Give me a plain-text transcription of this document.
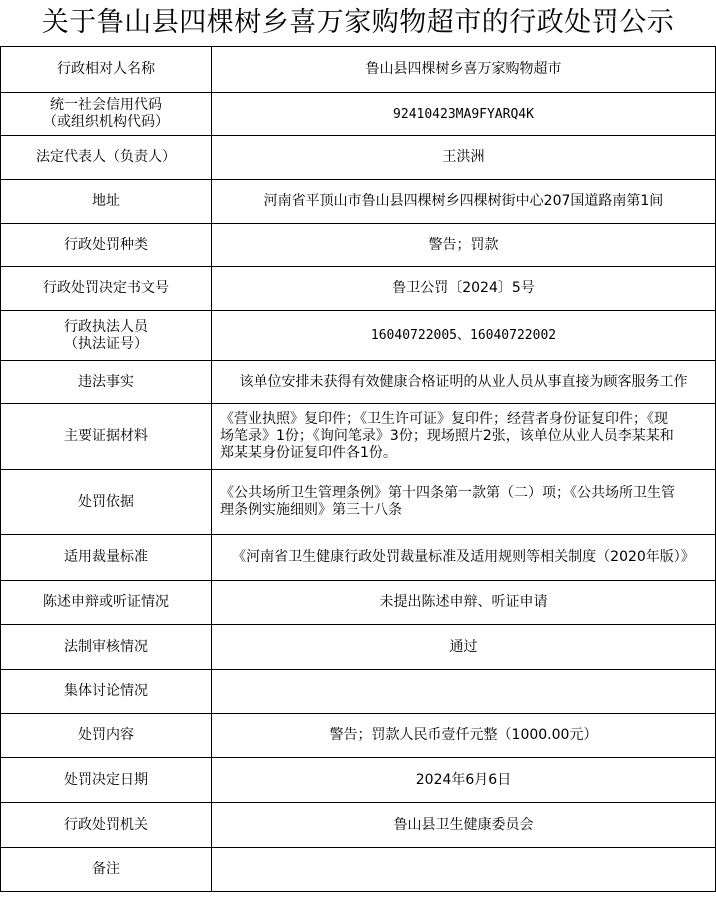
关于鲁山县四棵树乡喜万家购物超市的行政处罚公示
行政相对人名称	鲁山县四棵树乡喜万家购物超市

统一社会信用代码
（或组织机构代码）	92410423MA9FYARQ4K

法定代表人（负责人）	王洪洲

地址	河南省平顶山市鲁山县四棵树乡四棵树街中心207国道路南第1间

行政处罚种类	警告；罚款

行政处罚决定书文号	鲁卫公罚〔2024〕5号

行政执法人员
（执法证号）	16040722005、16040722002

违法事实	该单位安排未获得有效健康合格证明的从业人员从事直接为顾客服务工作

主要证据材料	《营业执照》复印件；《卫生许可证》复印件；经营者身份证复印件；《现
场笔录》1份；《询问笔录》3份；现场照片2张，该单位从业人员李某某和
郑某某身份证复印件各1份。

处罚依据	《公共场所卫生管理条例》第十四条第一款第（二）项；《公共场所卫生管
理条例实施细则》第三十八条

适用裁量标准	《河南省卫生健康行政处罚裁量标准及适用规则等相关制度（2020年版）》

陈述申辩或听证情况	未提出陈述申辩、听证申请

法制审核情况	通过

集体讨论情况	

处罚内容	警告；罚款人民币壹仟元整（1000.00元）

处罚决定日期	2024年6月6日

行政处罚机关	鲁山县卫生健康委员会

备注	
